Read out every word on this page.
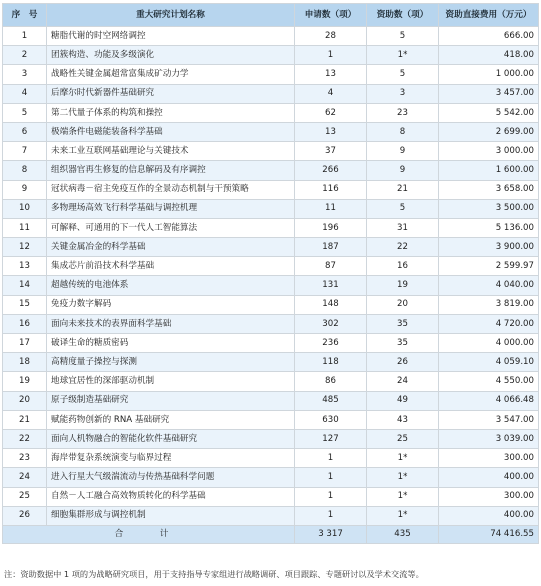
序　号	重大研究计划名称	申请数（项）	资助数（项）	资助直接费用（万元）
1	糖脂代谢的时空网络调控	28	5	666.00
2	团簇构造、功能及多级演化	1	1*	418.00
3	战略性关键金属超常富集成矿动力学	13	5	1 000.00
4	后摩尔时代新器件基础研究	4	3	3 457.00
5	第二代量子体系的构筑和操控	62	23	5 542.00
6	极端条件电磁能装备科学基础	13	8	2 699.00
7	未来工业互联网基础理论与关键技术	37	9	3 000.00
8	组织器官再生修复的信息解码及有序调控	266	9	1 600.00
9	冠状病毒－宿主免疫互作的全景动态机制与干预策略	116	21	3 658.00
10	多物理场高效飞行科学基础与调控机理	11	5	3 500.00
11	可解释、可通用的下一代人工智能算法	196	31	5 136.00
12	关键金属冶金的科学基础	187	22	3 900.00
13	集成芯片前沿技术科学基础	87	16	2 599.97
14	超越传统的电池体系	131	19	4 040.00
15	免疫力数字解码	148	20	3 819.00
16	面向未来技术的表界面科学基础	302	35	4 720.00
17	破译生命的糖质密码	236	35	4 000.00
18	高精度量子操控与探测	118	26	4 059.10
19	地球宜居性的深部驱动机制	86	24	4 550.00
20	原子级制造基础研究	485	49	4 066.48
21	赋能药物创新的 RNA 基础研究	630	43	3 547.00
22	面向人机物融合的智能化软件基础研究	127	25	3 039.00
23	海岸带复杂系统演变与临界过程	1	1*	300.00
24	进入行星大气级湍流动与传热基础科学问题	1	1*	400.00
25	自然－人工融合高效物质转化的科学基础	1	1*	300.00
26	细胞集群形成与调控机制	1	1*	400.00
合　计		3 317	435	74 416.55
注：资助数据中 1 项的为战略研究项目，用于支持指导专家组进行战略调研、项目跟踪、专题研讨以及学术交流等。
